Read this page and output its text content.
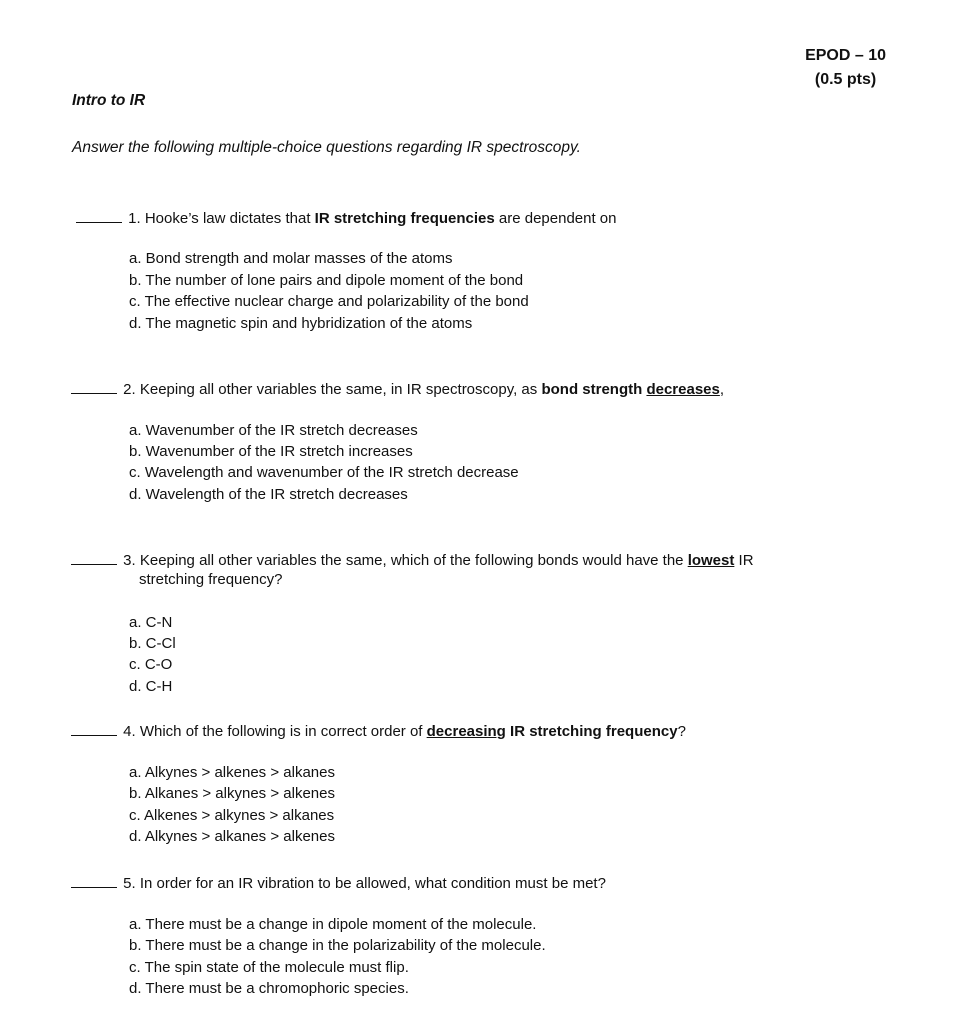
EPOD – 10
(0.5 pts)
Intro to IR
Answer the following multiple-choice questions regarding IR spectroscopy.
1. Hooke’s law dictates that IR stretching frequencies are dependent on
a. Bond strength and molar masses of the atoms
b. The number of lone pairs and dipole moment of the bond
c. The effective nuclear charge and polarizability of the bond
d. The magnetic spin and hybridization of the atoms
2. Keeping all other variables the same, in IR spectroscopy, as bond strength decreases,
a. Wavenumber of the IR stretch decreases
b. Wavenumber of the IR stretch increases
c. Wavelength and wavenumber of the IR stretch decrease
d. Wavelength of the IR stretch decreases
3. Keeping all other variables the same, which of the following bonds would have the lowest IR
stretching frequency?
a. C-N
b. C-Cl
c. C-O
d. C-H
4. Which of the following is in correct order of decreasing IR stretching frequency?
a. Alkynes > alkenes > alkanes
b. Alkanes > alkynes > alkenes
c. Alkenes > alkynes > alkanes
d. Alkynes > alkanes > alkenes
5. In order for an IR vibration to be allowed, what condition must be met?
a. There must be a change in dipole moment of the molecule.
b. There must be a change in the polarizability of the molecule.
c. The spin state of the molecule must flip.
d. There must be a chromophoric species.
